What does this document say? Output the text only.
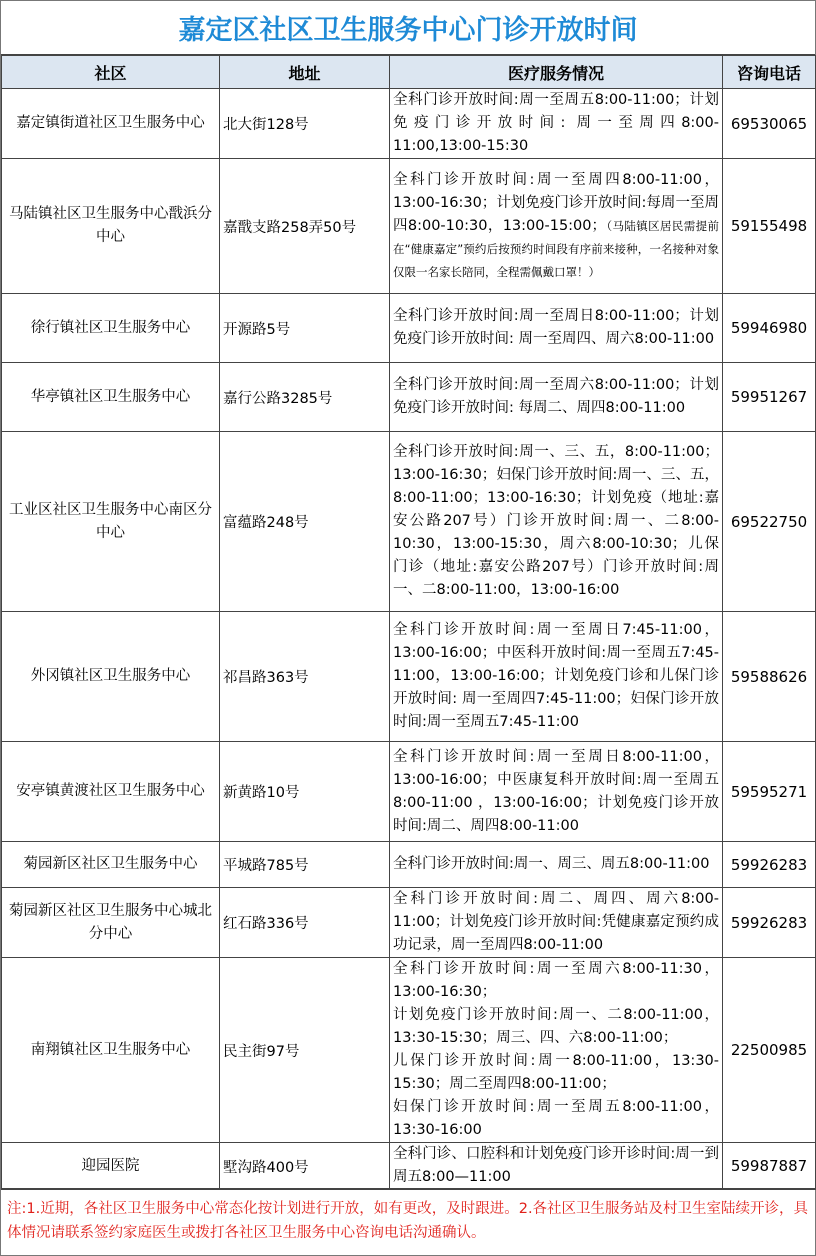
嘉定区社区卫生服务中心门诊开放时间
社区	地址	医疗服务情况	咨询电话
嘉定镇街道社区卫生服务中心	北大街128号	全科门诊开放时间:周一至周五8:00-11:00；计划免疫门诊开放时间: 周一至周四8:00-11:00,13:00-15:30	69530065
马陆镇社区卫生服务中心戬浜分中心	嘉戬支路258弄50号	全科门诊开放时间:周一至周四8:00-11:00，13:00-16:30；计划免疫门诊开放时间:每周一至周四8:00-10:30，13:00-15:00；（马陆镇区居民需提前在“健康嘉定”预约后按预约时间段有序前来接种，一名接种对象仅限一名家长陪同，全程需佩戴口罩！）	59155498
徐行镇社区卫生服务中心	开源路5号	全科门诊开放时间:周一至周日8:00-11:00；计划免疫门诊开放时间: 周一至周四、周六8:00-11:00	59946980
华亭镇社区卫生服务中心	嘉行公路3285号	全科门诊开放时间:周一至周六8:00-11:00；计划免疫门诊开放时间: 每周二、周四8:00-11:00	59951267
工业区社区卫生服务中心南区分中心	富蕴路248号	全科门诊开放时间:周一、三、五，8:00-11:00；13:00-16:30；妇保门诊开放时间:周一、三、五，8:00-11:00；13:00-16:30；计划免疫（地址:嘉安公路207号）门诊开放时间:周一、二8:00-10:30，13:00-15:30，周六8:00-10:30；儿保门诊（地址:嘉安公路207号）门诊开放时间:周一、二8:00-11:00，13:00-16:00	69522750
外冈镇社区卫生服务中心	祁昌路363号	全科门诊开放时间:周一至周日7:45-11:00，13:00-16:00；中医科开放时间:周一至周五7:45-11:00，13:00-16:00；计划免疫门诊和儿保门诊开放时间: 周一至周四7:45-11:00；妇保门诊开放时间:周一至周五7:45-11:00	59588626
安亭镇黄渡社区卫生服务中心	新黄路10号	全科门诊开放时间:周一至周日8:00-11:00，13:00-16:00；中医康复科开放时间:周一至周五8:00-11:00 ，13:00-16:00；计划免疫门诊开放时间:周二、周四8:00-11:00	59595271
菊园新区社区卫生服务中心	平城路785号	全科门诊开放时间:周一、周三、周五8:00-11:00	59926283
菊园新区社区卫生服务中心城北分中心	红石路336号	全科门诊开放时间:周二、周四、周六8:00-11:00；计划免疫门诊开放时间:凭健康嘉定预约成功记录，周一至周四8:00-11:00	59926283
南翔镇社区卫生服务中心	民主街97号	全科门诊开放时间:周一至周六8:00-11:30，13:00-16:30；
计划免疫门诊开放时间:周一、二8:00-11:00，13:30-15:30；周三、四、六8:00-11:00；
儿保门诊开放时间:周一8:00-11:00，13:30-15:30；周二至周四8:00-11:00；
妇保门诊开放时间:周一至周五8:00-11:00，13:30-16:00	22500985
迎园医院	墅沟路400号	全科门诊、口腔科和计划免疫门诊开诊时间:周一到周五8:00—11:00	59987887
注:1.近期，各社区卫生服务中心常态化按计划进行开放，如有更改，及时跟进。2.各社区卫生服务站及村卫生室陆续开诊，具体情况请联系签约家庭医生或拨打各社区卫生服务中心咨询电话沟通确认。
